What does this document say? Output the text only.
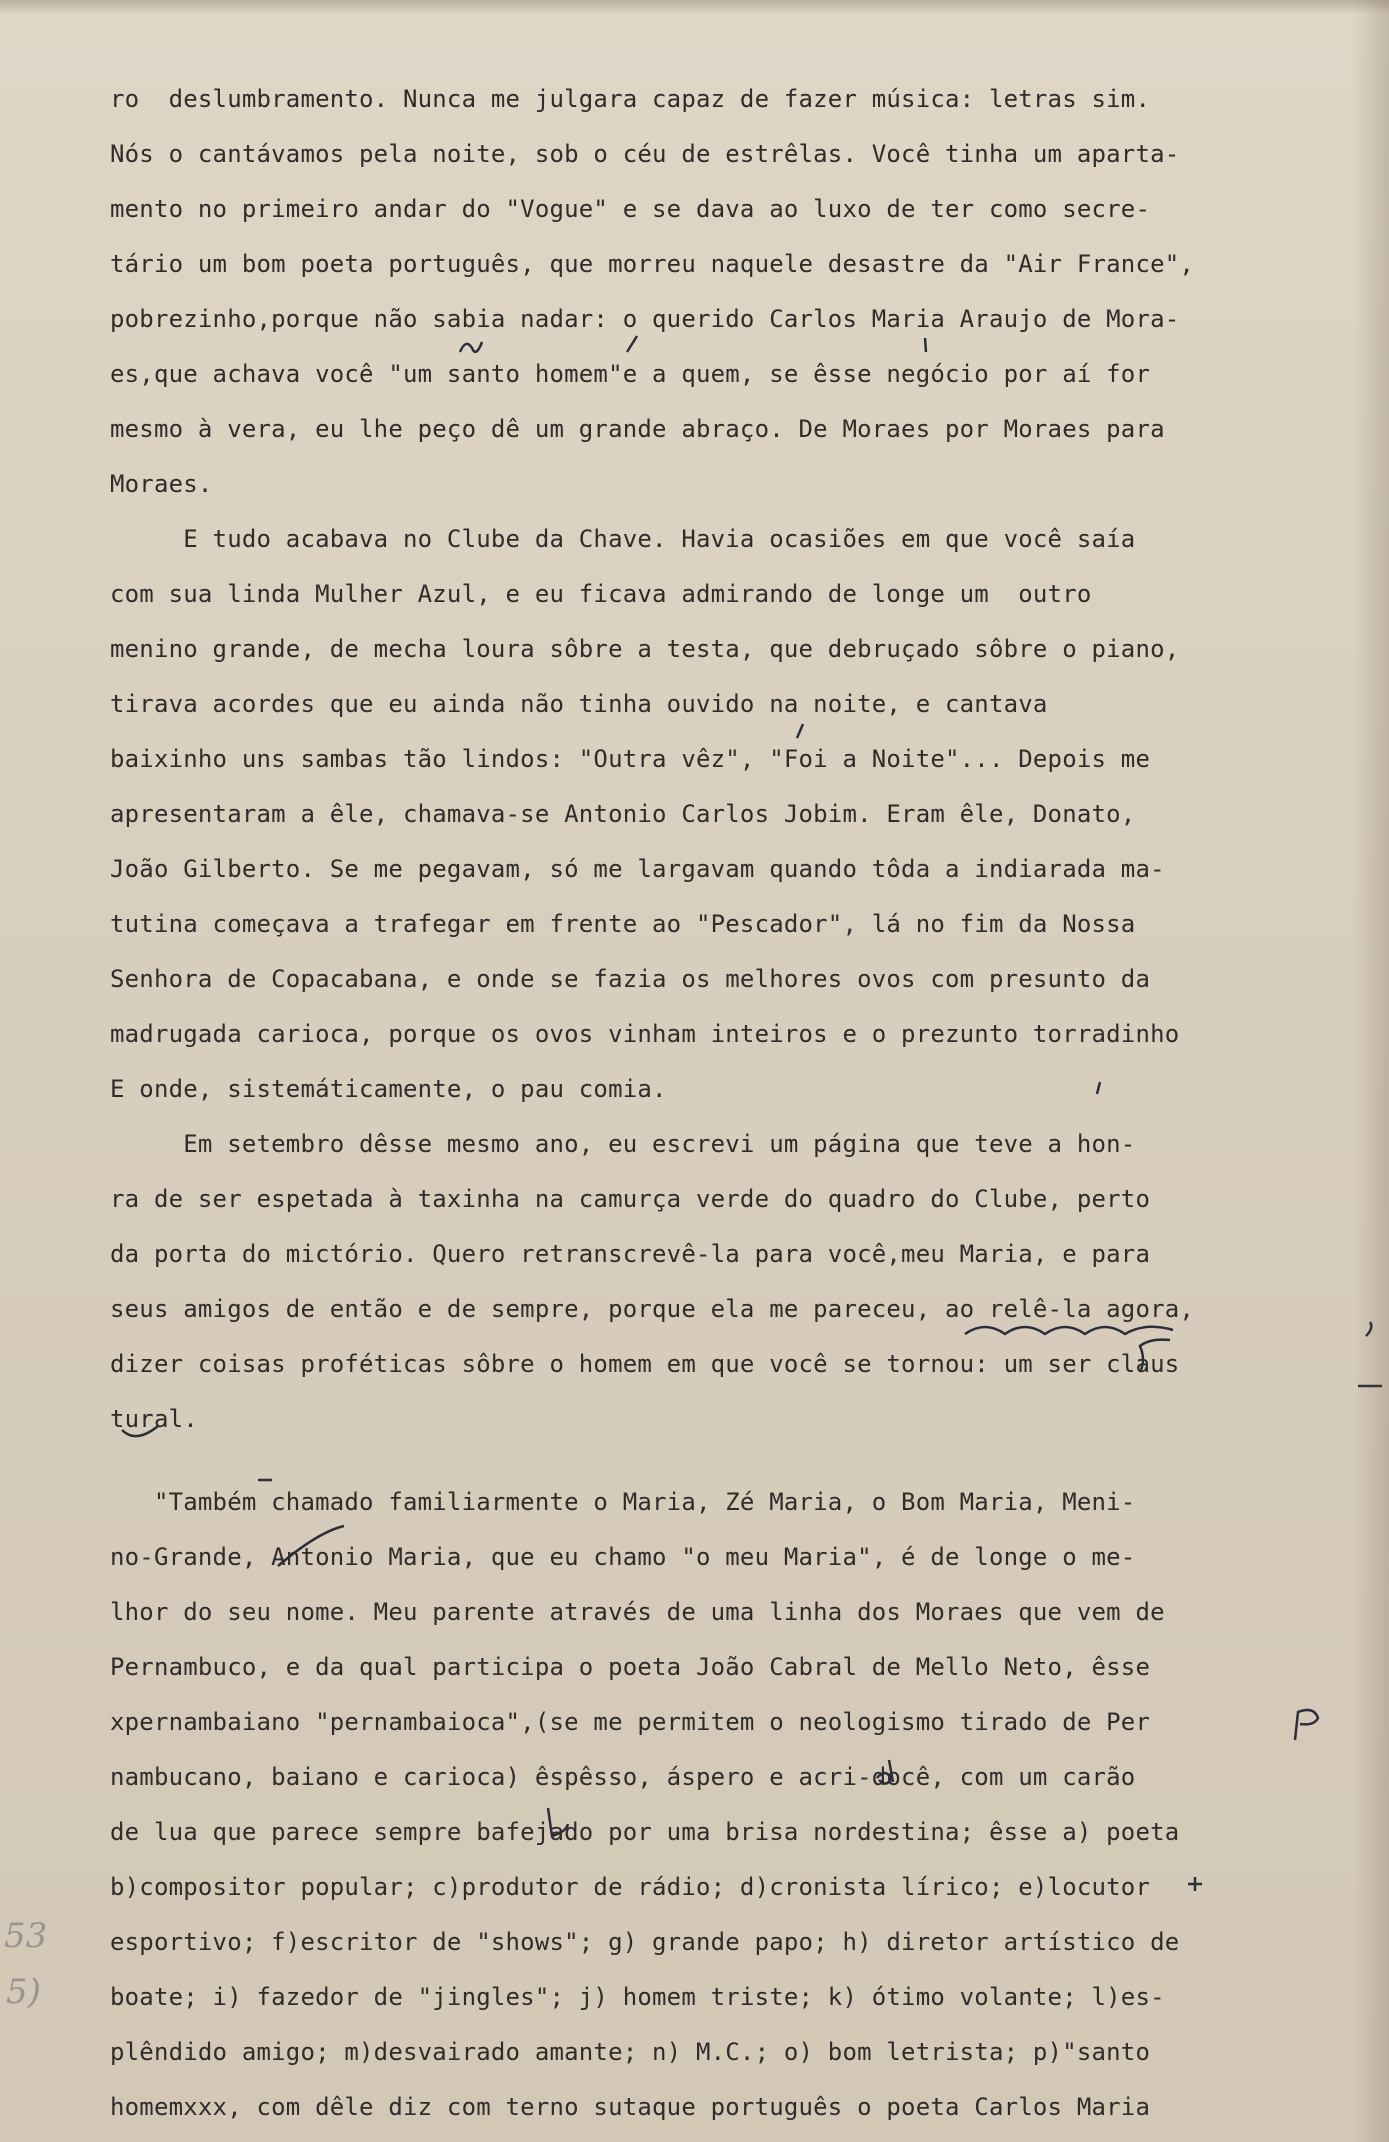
ro  deslumbramento. Nunca me julgara capaz de fazer música: letras sim.
Nós o cantávamos pela noite, sob o céu de estrêlas. Você tinha um aparta-
mento no primeiro andar do "Vogue" e se dava ao luxo de ter como secre-
tário um bom poeta português, que morreu naquele desastre da "Air France",
pobrezinho,porque não sabia nadar: o querido Carlos Maria Araujo de Mora-
es,que achava você "um santo homem"e a quem, se êsse negócio por aí for
mesmo à vera, eu lhe peço dê um grande abraço. De Moraes por Moraes para
Moraes.
E tudo acabava no Clube da Chave. Havia ocasiões em que você saía
com sua linda Mulher Azul, e eu ficava admirando de longe um  outro
menino grande, de mecha loura sôbre a testa, que debruçado sôbre o piano,
tirava acordes que eu ainda não tinha ouvido na noite, e cantava
baixinho uns sambas tão lindos: "Outra vêz", "Foi a Noite"... Depois me
apresentaram a êle, chamava-se Antonio Carlos Jobim. Eram êle, Donato,
João Gilberto. Se me pegavam, só me largavam quando tôda a indiarada ma-
tutina começava a trafegar em frente ao "Pescador", lá no fim da Nossa
Senhora de Copacabana, e onde se fazia os melhores ovos com presunto da
madrugada carioca, porque os ovos vinham inteiros e o prezunto torradinho
E onde, sistemáticamente, o pau comia.
Em setembro dêsse mesmo ano, eu escrevi um página que teve a hon-
ra de ser espetada à taxinha na camurça verde do quadro do Clube, perto
da porta do mictório. Quero retranscrevê-la para você,meu Maria, e para
seus amigos de então e de sempre, porque ela me pareceu, ao relê-la agora,
dizer coisas proféticas sôbre o homem em que você se tornou: um ser claus
tural.
"Também chamado familiarmente o Maria, Zé Maria, o Bom Maria, Meni-
no-Grande, Antonio Maria, que eu chamo "o meu Maria", é de longe o me-
lhor do seu nome. Meu parente através de uma linha dos Moraes que vem de
Pernambuco, e da qual participa o poeta João Cabral de Mello Neto, êsse
xpernambaiano "pernambaioca",(se me permitem o neologismo tirado de Per
nambucano, baiano e carioca) êspêsso, áspero e acri-docê, com um carão
de lua que parece sempre bafejado por uma brisa nordestina; êsse a) poeta
b)compositor popular; c)produtor de rádio; d)cronista lírico; e)locutor
esportivo; f)escritor de "shows"; g) grande papo; h) diretor artístico de
boate; i) fazedor de "jingles"; j) homem triste; k) ótimo volante; l)es-
plêndido amigo; m)desvairado amante; n) M.C.; o) bom letrista; p)"santo
homemxxx, com dêle diz com terno sutaque português o poeta Carlos Maria
53
5)
